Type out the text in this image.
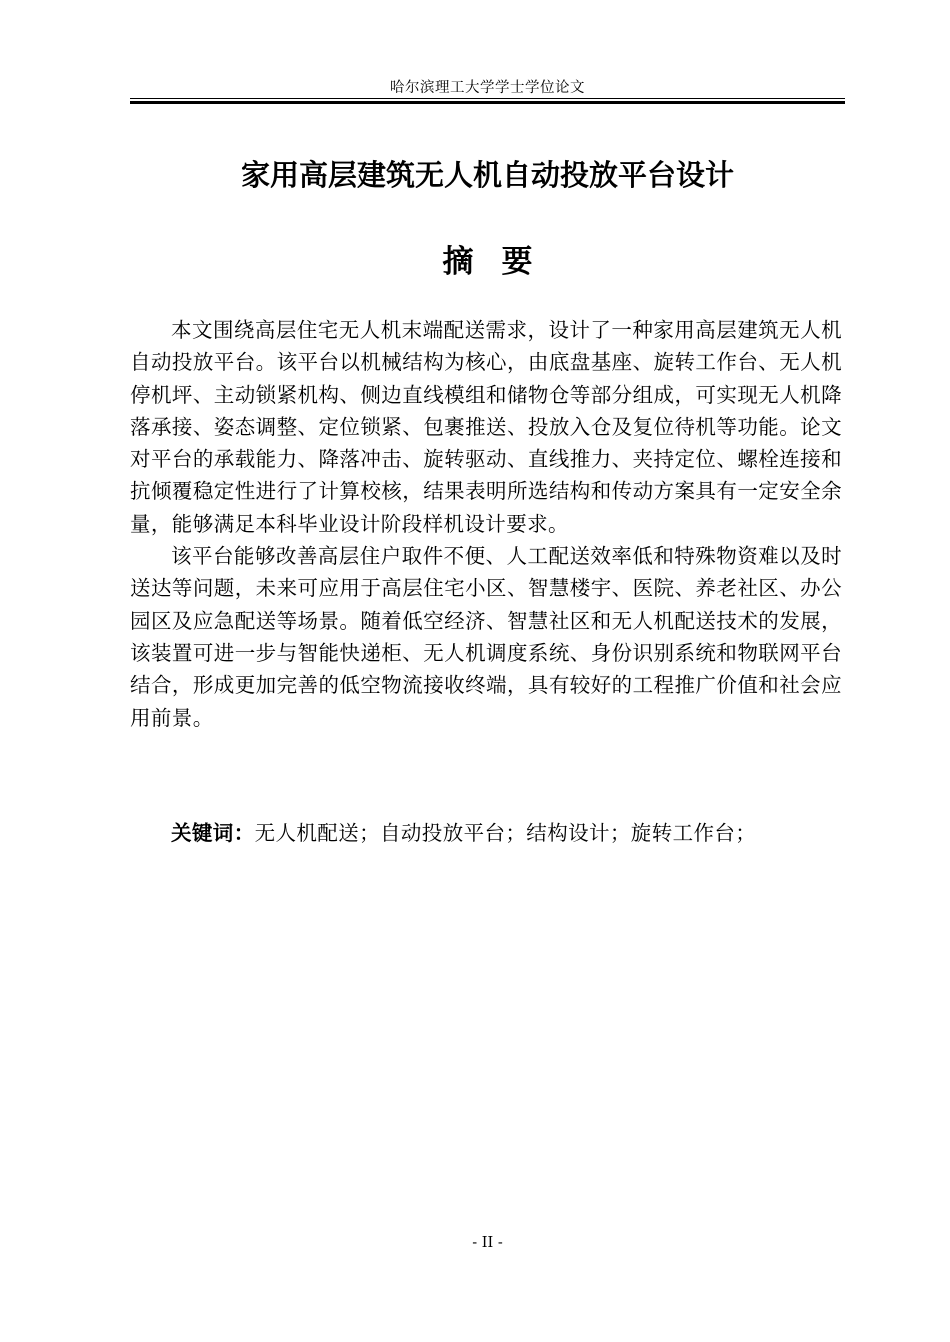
哈尔滨理工大学学士学位论文
家用高层建筑无人机自动投放平台设计
摘要

本文围绕高层住宅无人机末端配送需求，设计了一种家用高层建筑无人机自动投放平台。该平台以机械结构为核心，由底盘基座、旋转工作台、无人机停机坪、主动锁紧机构、侧边直线模组和储物仓等部分组成，可实现无人机降落承接、姿态调整、定位锁紧、包裹推送、投放入仓及复位待机等功能。论文对平台的承载能力、降落冲击、旋转驱动、直线推力、夹持定位、螺栓连接和抗倾覆稳定性进行了计算校核，结果表明所选结构和传动方案具有一定安全余量，能够满足本科毕业设计阶段样机设计要求。

该平台能够改善高层住户取件不便、人工配送效率低和特殊物资难以及时送达等问题，未来可应用于高层住宅小区、智慧楼宇、医院、养老社区、办公园区及应急配送等场景。随着低空经济、智慧社区和无人机配送技术的发展，该装置可进一步与智能快递柜、无人机调度系统、身份识别系统和物联网平台结合，形成更加完善的低空物流接收终端，具有较好的工程推广价值和社会应用前景。

关键词：无人机配送；自动投放平台；结构设计；旋转工作台；

- II -
